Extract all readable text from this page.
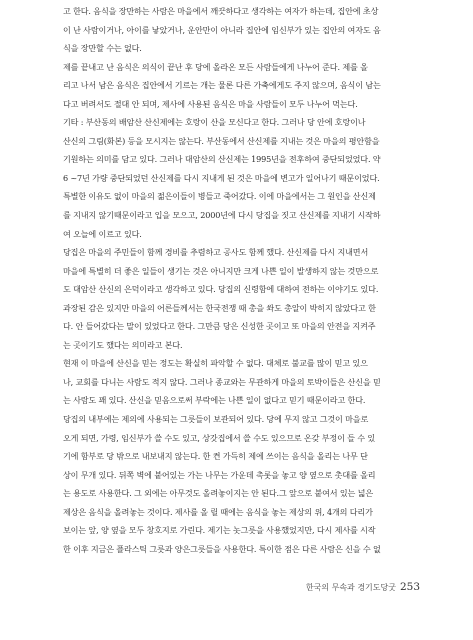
고 한다. 음식을 장만하는 사람은 마을에서 깨끗하다고 생각하는 여자가 하는데, 집안에 초상
이 난 사람이거나, 아이를 낳았거나, 운안만이 아니라 집안에 임신부가 있는 집안의 여자도 음
식을 장만할 수는 없다.
제를 끝내고 난 음식은 의식이 끝난 후 당에 올라온 모든 사람들에게 나누어 준다. 제를 올
리고 나서 남은 음식은 집안에서 기르는 개는 물론 다른 가축에게도 주지 않으며, 음식이 남는
다고 버려서도 절대 안 되며, 제사에 사용된 음식은 마을 사람들이 모두 나누어 먹는다.
기타 : 부산동의 배암산 산신제에는 호랑이 산을 모신다고 한다. 그러나 당 안에 호랑이나
산신의 그림(화본) 등을 모시지는 않는다. 부산동에서 산신제를 지내는 것은 마을의 평안함을
기원하는 의미를 담고 있다. 그러나 대암산의 산신제는 1995년을 전후하여 중단되었었다. 약
6 ~7년 가량 중단되었던 산신제를 다시 지내게 된 것은 마을에 변고가 일어나기 때문이었다.
특별한 이유도 없이 마을의 젊은이들이 병들고 죽어갔다. 이에 마을에서는 그 원인을 산신제
를 지내지 않기때문이라고 입을 모으고, 2000년에 다시 당집을 짓고 산신제를 지내기 시작하
여 오늘에 이르고 있다.
당집은 마을의 주민들이 함께 경비를 추렴하고 공사도 함께 했다. 산신제를 다시 지내면서
마을에 특별히 더 좋은 일들이 생기는 것은 아니지만 크게 나쁜 일이 발생하지 않는 것만으로
도 대암산 산신의 은덕이라고 생각하고 있다. 당집의 신령함에 대하여 전하는 이야기도 있다.
과장된 감은 있지만 마을의 어른들께서는 한국전쟁 때 총을 쏴도 총알이 박히지 않았다고 한
다. 안 들어갔다는 말이 있었다고 한다. 그만큼 당은 신성한 곳이고 또 마을의 안전을 지켜주
는 곳이기도 했다는 의미라고 본다.
현재 이 마을에 산신을 믿는 정도는 확실히 파악할 수 없다. 대체로 불교를 많이 믿고 있으
나, 교회를 다니는 사람도 적지 않다. 그러나 종교와는 무관하게 마을의 토박이들은 산신을 믿
는 사람도 꽤 있다. 산신을 믿음으로써 부락에는 나쁜 일이 없다고 믿기 때문이라고 한다.
당집의 내부에는 제의에 사용되는 그릇들이 보관되어 있다. 당에 무지 않고 그것이 마을로
오게 되면, 가령, 임신부가 쓸 수도 있고, 상갓집에서 쓸 수도 있으므로 온갖 부정이 들 수 있
기에 함부로 당 밖으로 내보내지 않는다. 한 켠 가득히 제에 쓰이는 음식을 올리는 나무 단
상이 무개 있다. 뒤쪽 벽에 붙어있는 가는 나무는 가운데 촉롯을 놓고 양 옆으로 촛대를 올리
는 용도로 사용한다. 그 외에는 아무것도 올려놓이지는 안 된다.그 앞으로 붙여서 있는 넓은
제상은 음식을 올려놓는 것이다. 제사를 올 릴 때에는 음식을 놓는 제상의 위, 4개의 다리가
보이는 앞, 양 옆을 모두 창호지로 가린다. 제기는 놋그릇을 사용했었지만, 다시 제사를 시작
한 이후 지금은 플라스틱 그릇과 양은그릇들을 사용한다. 특이한 점은 다른 사람은 신을 수 없
한국의 무속과 경기도당굿 253
